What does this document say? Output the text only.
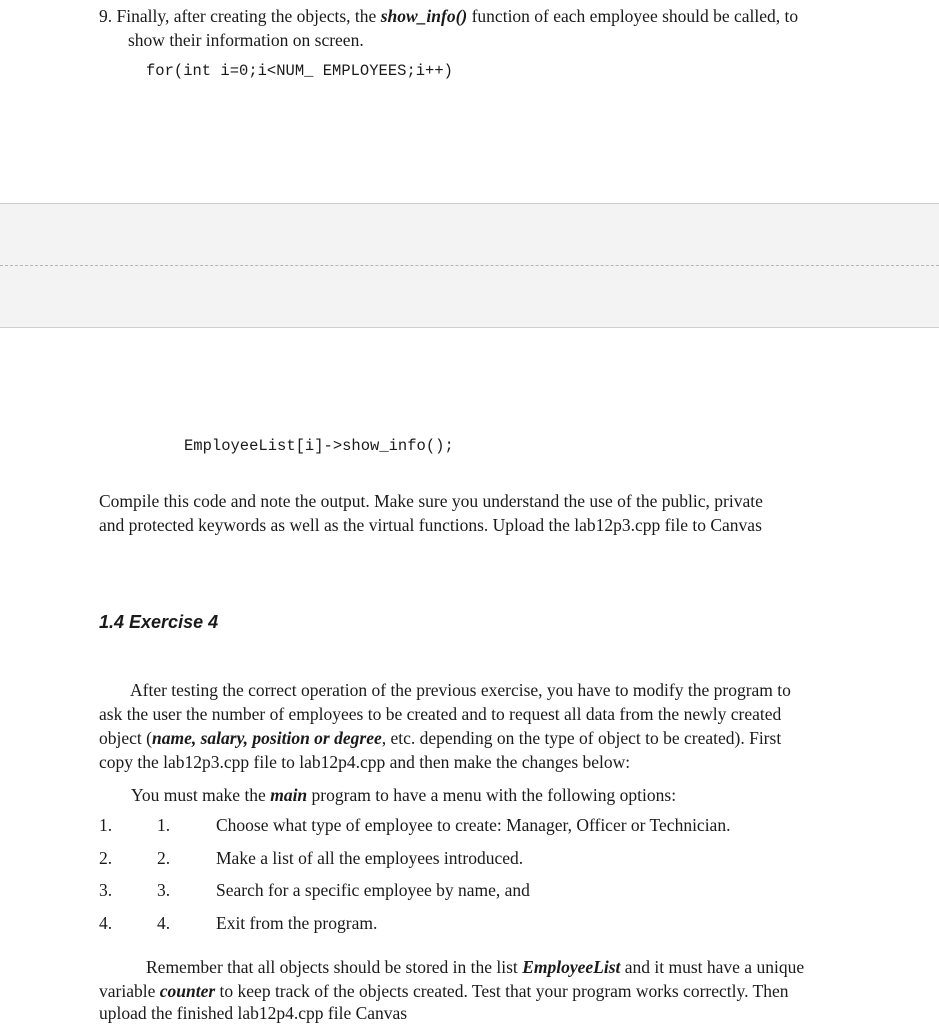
9. Finally, after creating the objects, the show_info() function of each employee should be called, to

show their information on screen.

for(int i=0;i<NUM_ EMPLOYEES;i++)
EmployeeList[i]->show_info();

Compile this code and note the output. Make sure you understand the use of the public, private

and protected keywords as well as the virtual functions. Upload the lab12p3.cpp file to Canvas

1.4 Exercise 4

After testing the correct operation of the previous exercise, you have to modify the program to

ask the user the number of employees to be created and to request all data from the newly created

object (name, salary, position or degree, etc. depending on the type of object to be created). First

copy the lab12p3.cpp file to lab12p4.cpp and then make the changes below:

You must make the main program to have a menu with the following options:

1.	1.	Choose what type of employee to create: Manager, Officer or Technician.

2.	2.	Make a list of all the employees introduced.

3.	3.	Search for a specific employee by name, and

4.	4.	Exit from the program.

Remember that all objects should be stored in the list EmployeeList and it must have a unique

variable counter to keep track of the objects created. Test that your program works correctly. Then

upload the finished lab12p4.cpp file Canvas
